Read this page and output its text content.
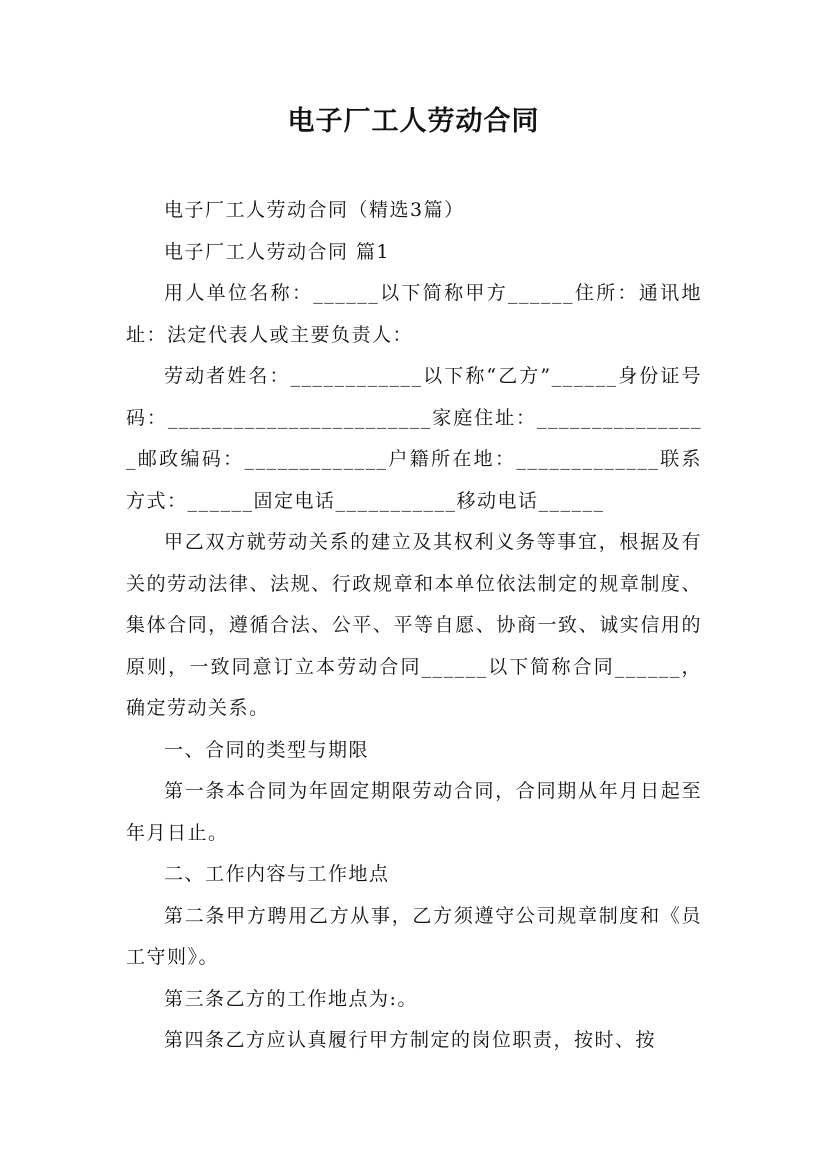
电子厂工人劳动合同

电子厂工人劳动合同（精选3篇）

电子厂工人劳动合同 篇1

用人单位名称：______以下简称甲方______住所：通讯地址：法定代表人或主要负责人：

劳动者姓名：____________以下称“乙方”______身份证号码：________________________家庭住址：________________邮政编码：_____________户籍所在地：_____________联系方式：______固定电话___________移动电话______

甲乙双方就劳动关系的建立及其权利义务等事宜，根据及有关的劳动法律、法规、行政规章和本单位依法制定的规章制度、集体合同，遵循合法、公平、平等自愿、协商一致、诚实信用的原则，一致同意订立本劳动合同______以下简称合同______，确定劳动关系。

一、合同的类型与期限

第一条本合同为年固定期限劳动合同，合同期从年月日起至年月日止。

二、工作内容与工作地点

第二条甲方聘用乙方从事，乙方须遵守公司规章制度和《员工守则》。

第三条乙方的工作地点为:。

第四条乙方应认真履行甲方制定的岗位职责，按时、按
